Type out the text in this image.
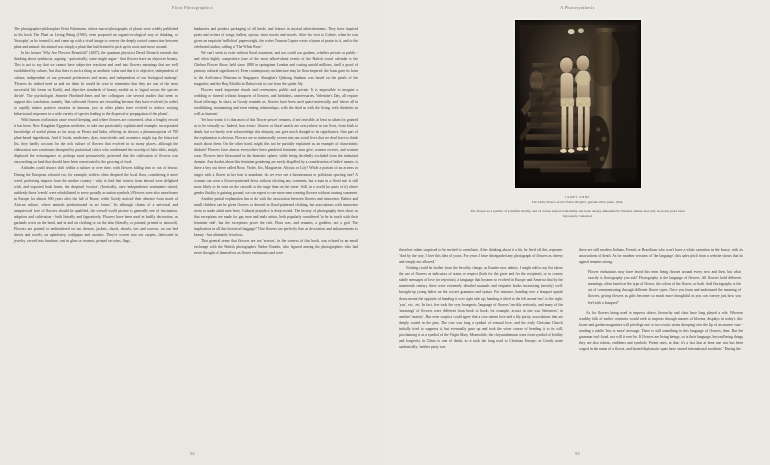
Flora Photographica

The photographer-philosopher Ernst Fuhrmann, whose macro-photographs of plants were widely published in his book The Plant as Living Being (1930), even proposed an organic-ecological way of thinking, or 'biosophy' as he termed it, and came up with a vivid image to convey the deeply rooted connection between plant and animal: the animal was simply a plant that had learned to pick up its roots and move around.

In his lecture 'Why Are Flowers Beautiful?' (2007), the quantum physicist David Deutsch extends this thinking about symbiosis, arguing - quixotically, some might argue - that flowers have an objective beauty. This is not to say that we cannot have subjective reactions and read into flowers meanings that are well established by culture, 'but that there is such a thing as aesthetic value and that it is objective, independent of culture, independent of our personal preferences and tastes, and independent of our biological makeup'. 'Flowers do indeed need us and we them (it would be wise to remember that they are one of the most successful life forms on Earth), and objective standards of beauty enable us to 'signal across the species divide'. The psychologist Jeanette Haviland-Jones and her colleagues cite several studies that seem to support this conclusion, namely, 'that cultivated flowers are rewarding because they have evolved (in order) to rapidly induce positive emotion in humans, just as other plants have evolved to induce varying behavioural responses in a wide variety of species leading to the dispersal or propagation of the plants'.

With human civilization came record keeping, and where flowers are concerned, what a lengthy record it has been. Now Kingdom Egyptian medicine, to take one particularly sophisticated example, incorporated knowledge of useful plants as far away as Persia and India, offering its doctors a pharmacopoeia of 700 plant-based ingredients. And if foods, medicines, dyes, insecticides and cosmetics might top the historical list, they hardly account for the rich culture of flowers that evolved in so many places, although the elaboration was sometimes disrupted by puritanical critics who condemned the worship of false idols, simply displaced the extravagance or, perhaps more persuasively, protested that the cultivation of flowers was encroaching on land that should have been consecrated to the growing of food.

Attitudes could always shift within a culture or over time, with flowers falling into or out of favour. During the European colonial era, for example, settlers often despised the local flora, considering it mere weed, preferring imports from the mother country - only to find that visitors from abroad were delighted with, and exported back home, the despised 'exotica'. (Ironically, once independence sentiments stirred, suddenly those 'weeds' were rehabilitated to serve proudly as nation symbols.) Flowers were also unwelcome in Europe for almost 600 years after the fall of Rome, while Goody noticed their absence from much of African culture, where animals predominated in art forms.' So although claims of a universal and unequivocal love of flowers should be qualified, the overall world picture is generally one of fascination, adoption and cultivation - both literally and figuratively. Flowers have been used in bodily decoration, as garlands worn on the head, and in and on clothing or on the skin (literally, or painted, printed or tattooed). Flowers are printed or embroidered on our dresses, jackets, shorts, shawls, ties and scarves, on our bed sheets and towels, on upholstery, wallpaper and curtains. They're woven into our carpets, fabricated in jewelry, carved into furniture, cast in glass or ceramic, printed on coins, flags,

banknotes and product packaging of all kinds, and feature in myriad advertisements. They have inspired poets and writers of songs, ballets, operas, short stories and novels. After his visit to Colette, when he was given an exquisite 'millefiori' paperweight, the writer Truman Capote wrote a hymn of praise to it, and to the celebrated author, calling it 'The White Rose'.

We can't seem to exist without floral ornament, and nor could our gardens, whether private or public - and often highly competitive (one of the most talked-about events of the British social calendar is the Chelsea Flower Show, held since 1888 in springtime London and costing untold millions, itself a proof of primary cultural significance). Even contemporary architecture may be flora-inspired: the lotus gave its form to the ArtScience Museum in Singapore; Shanghai's Qizhong Stadium was based on the petals of the magnolia; and the Burj Khalifa in Dubai took its cue from the spider lily.

Flowers mark important rituals and ceremonies, public and private. It is impossible to imagine a wedding or funeral without bouquets of flowers, and birthdays, anniversaries, Valentine's Day, all require floral offerings. In short, as Goody reminds us, flowers have been used quasi-universally, and 'above all in establishing, maintaining and even ending relationships, with the dead as with the living, with divinities as well as humans'.

Yet how ironic it is that most of this 'flower power' remains, if not invisible, at least so taken for granted as to be virtually so. Indeed, how ironic: flowers or floral motifs are everywhere in our lives, from birth to death, but we barely ever acknowledge this ubiquity, nor give much thought to its significance. One part of the explanation is obvious. Flowers are so intrinsically woven into our social lives that we don't have to think much about them. On the other hand, might this not be partially explained as an example of chauvinistic disdain? Flowers have almost everywhere been gendered feminine; men give, women receive, and women wear. Flowers have blossomed in the domestic sphere, while being decidedly excluded from the industrial domain. Any doubts about this feminine gendering are easily dispelled by a consideration of ladies' names: is there a boy out there called Rose, Violet, Iris, Marguerite, Alyssia or Lily? While a portrait of an actress or singer with a flower in her hair is mundane, do we ever see a businessman or politician sporting one? A woman can wear a flower-patterned dress without eliciting any comment, but a man in a floral suit is still more likely to be seen on the catwalk or the stage than on the street. Still, in a world (or parts of it) where gender fluidity is gaining ground, we can expect to see more men wearing flowers without causing comment.

Another partial explanation has to do with the association between flowers and innocence. Babies and small children can be given flowers or dressed in floral-patterned clothing, but associations with innocence seem to make adult men leery. Cultural prejudice is deep-rooted. The history of photography does show us that exceptions are made for gay men and male artists, both popularly considered 'to be in touch with their feminine side', but the exceptions prove the rule. Flora was, and remains, a goddess, not a god. The implication in all this historical baggage? That flowers are perfectly fine as decoration and enhancements to beauty - but ultimately frivolous.

That general sense that flowers are not 'serious', in the context of this book, was echoed in an email exchange with the British photographer Nadav Kander, who figured among the photographers who had never thought of themselves as flower enthusiasts and were

92
A Photosynthesis
JAMES ABBE
The Dolly Sisters at the Folies Bergère, gelatin silver print, 1924.
The flower as a symbol of youthful vitality, and of course sexual availability, has been deeply embedded in Western culture and only in recent years been vigorously contested.

therefore rather surprised to be invited to contribute. After thinking about it a bit, he fired off this response: 'And by the way, I love this idea of yours. For years I have disregarded any photograph of flowers as cheesy and simply not allowed.'

Nothing could be further from the frivolity charge, as Kander now admits. I might add to my list above the use of flowers as indicators of status or respect (both for the giver and for the recipient), or to convey subtle messages of love (or rejection), a language that became so evolved in Europe and America that by the nineteenth century there were extremely detailed manuals and etiquette books instructing (mostly) well-brought-up young ladies on the correct grammar and syntax. For instance, handing over a bouquet upside down meant the opposite of handing it over right side up; handing it tilted to the left meant 'me', to the right, 'you', etc., etc. In fact, few took the very bourgeois 'language of flowers' terribly seriously, and many of the 'meanings' of flowers were different from book to book; for example, acacia in one was 'bitterness', in another 'anxiety'. But even sceptics could agree that a rose meant love and a lily purity, associations that are deeply rooted in the past. The rose was long a symbol of sensual love, and the early Christian Church initially tried to suppress it, but eventually gave up and took the wiser course of bending it to its will, proclaiming it as a symbol of the Virgin Mary. Meanwhile, the chrysanthemum went from symbol of fertility and longevity in China to one of death, as it took the long road to Christian Europe; as Goody notes sardonically, 'neither party was

there are still modern Italians, French or Brazilians who won't have a white carnation in the house, with its associations of death. As for modern versions of 'the language', this sales pitch from a website shows that its appeal remains strong:

Flower enthusiasts may have heard this term being thrown around every now and then, but what exactly is floriography you ask? Floriography is the language of flowers. All flowers hold different meanings, often based on the type of flower, the colour of the flower, or both. And floriography is the art of communicating through different flower types. Once you learn and understand the meaning of flowers, giving flowers as gifts becomes so much more thoughtful as you can convey just how you feel with a bouquet!'

As for flowers being used to impress others, hierarchy and class have long played a role. Whereas wealthy folk of earlier centuries would seek to impress through masses of blooms, displays in today's chic house and garden magazines will privilege one or two exotic stems drooping over the lip of an austere vase - sending a subtle 'less is more' message. There is still something to this language of flowers, then. But the grammar isn't fixed, nor will it ever be. If flowers are living beings, so is their language, beyond being things they are also tokens, emblems and symbols. Potent ones, at that: it's a fact that at least one war has been waged in the name of a flower, and heated diplomatic spats have caused international incidents.'' During the

93
